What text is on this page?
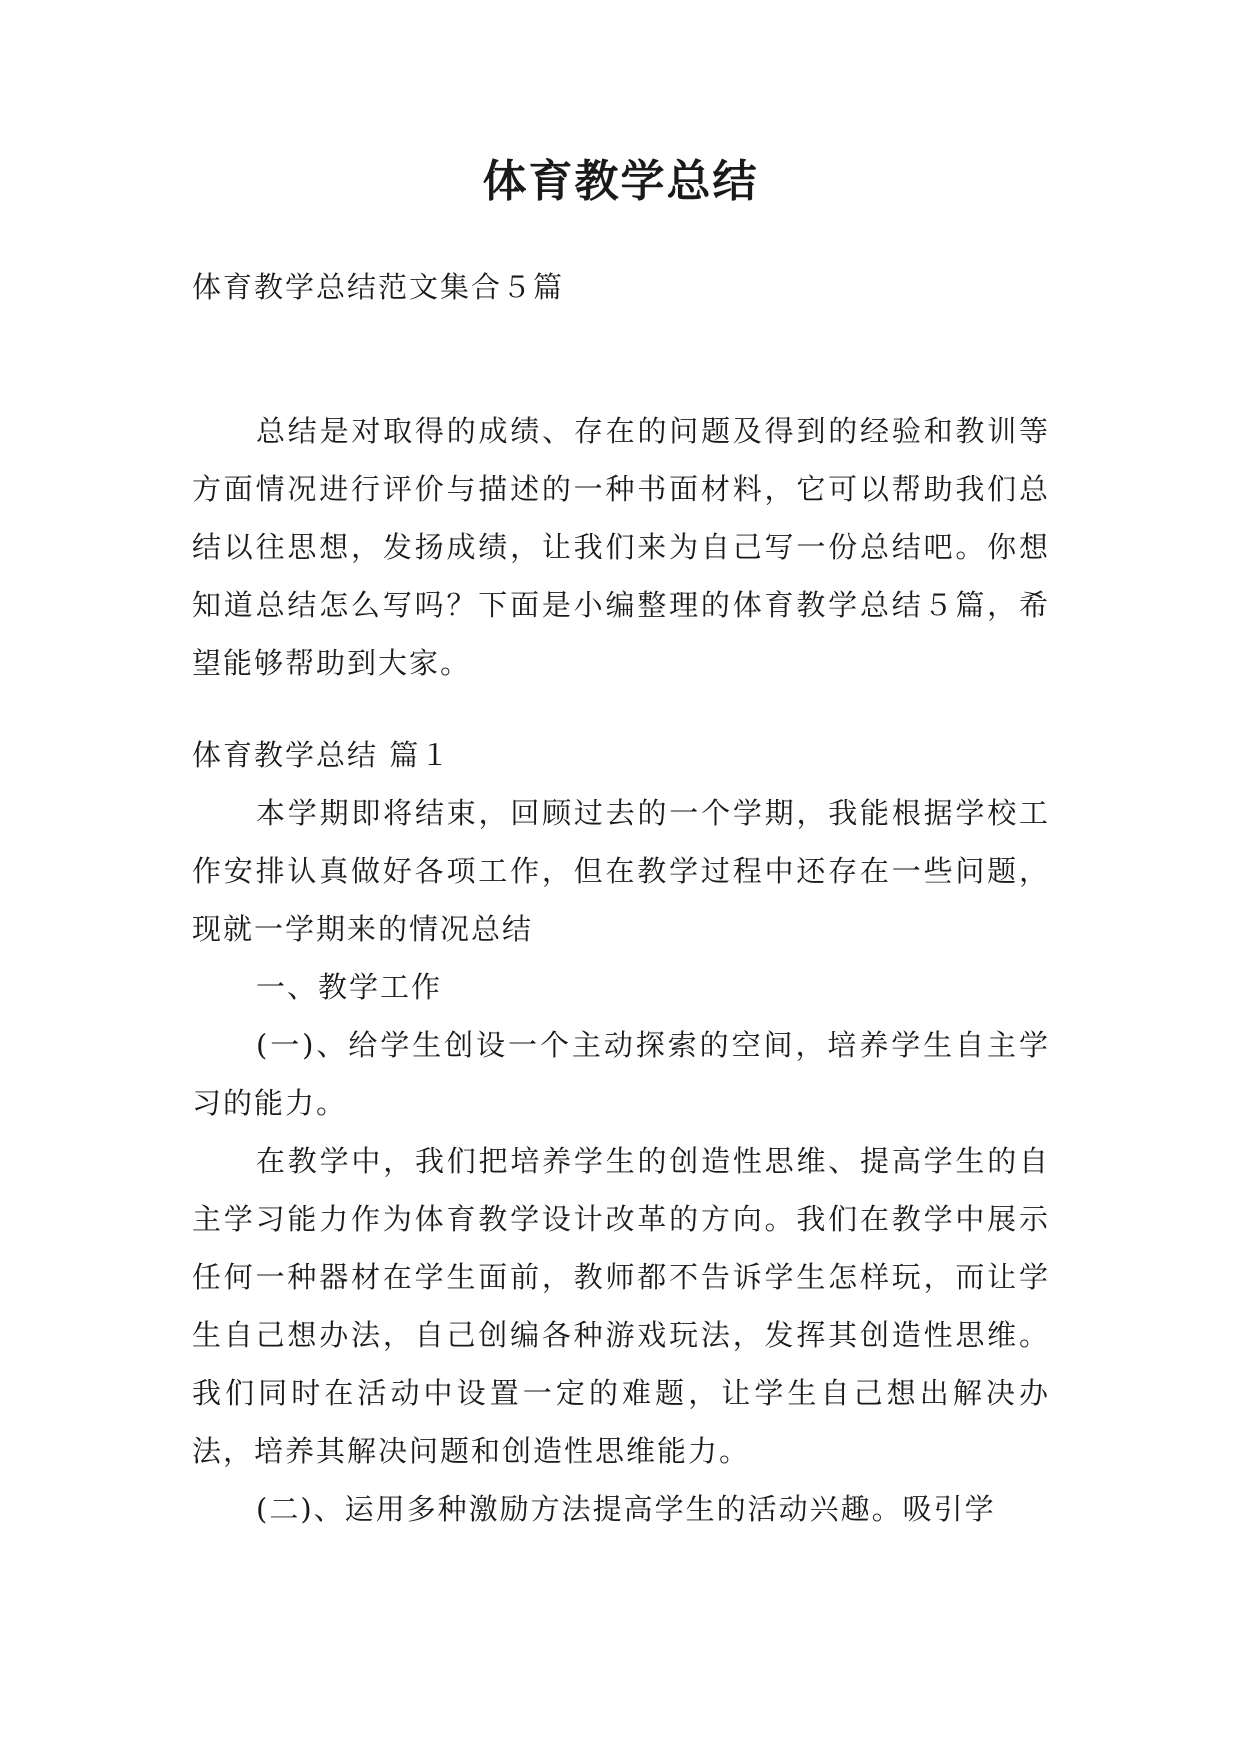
体育教学总结

体育教学总结范文集合５篇

总结是对取得的成绩、存在的问题及得到的经验和教训等方面情况进行评价与描述的一种书面材料，它可以帮助我们总结以往思想，发扬成绩，让我们来为自己写一份总结吧。你想知道总结怎么写吗？下面是小编整理的体育教学总结５篇，希望能够帮助到大家。

体育教学总结 篇１

本学期即将结束，回顾过去的一个学期，我能根据学校工作安排认真做好各项工作，但在教学过程中还存在一些问题，现就一学期来的情况总结

一、教学工作

(一)、给学生创设一个主动探索的空间，培养学生自主学习的能力。

在教学中，我们把培养学生的创造性思维、提高学生的自主学习能力作为体育教学设计改革的方向。我们在教学中展示任何一种器材在学生面前，教师都不告诉学生怎样玩，而让学生自己想办法，自己创编各种游戏玩法，发挥其创造性思维。我们同时在活动中设置一定的难题，让学生自己想出解决办法，培养其解决问题和创造性思维能力。

(二)、运用多种激励方法提高学生的活动兴趣。吸引学
